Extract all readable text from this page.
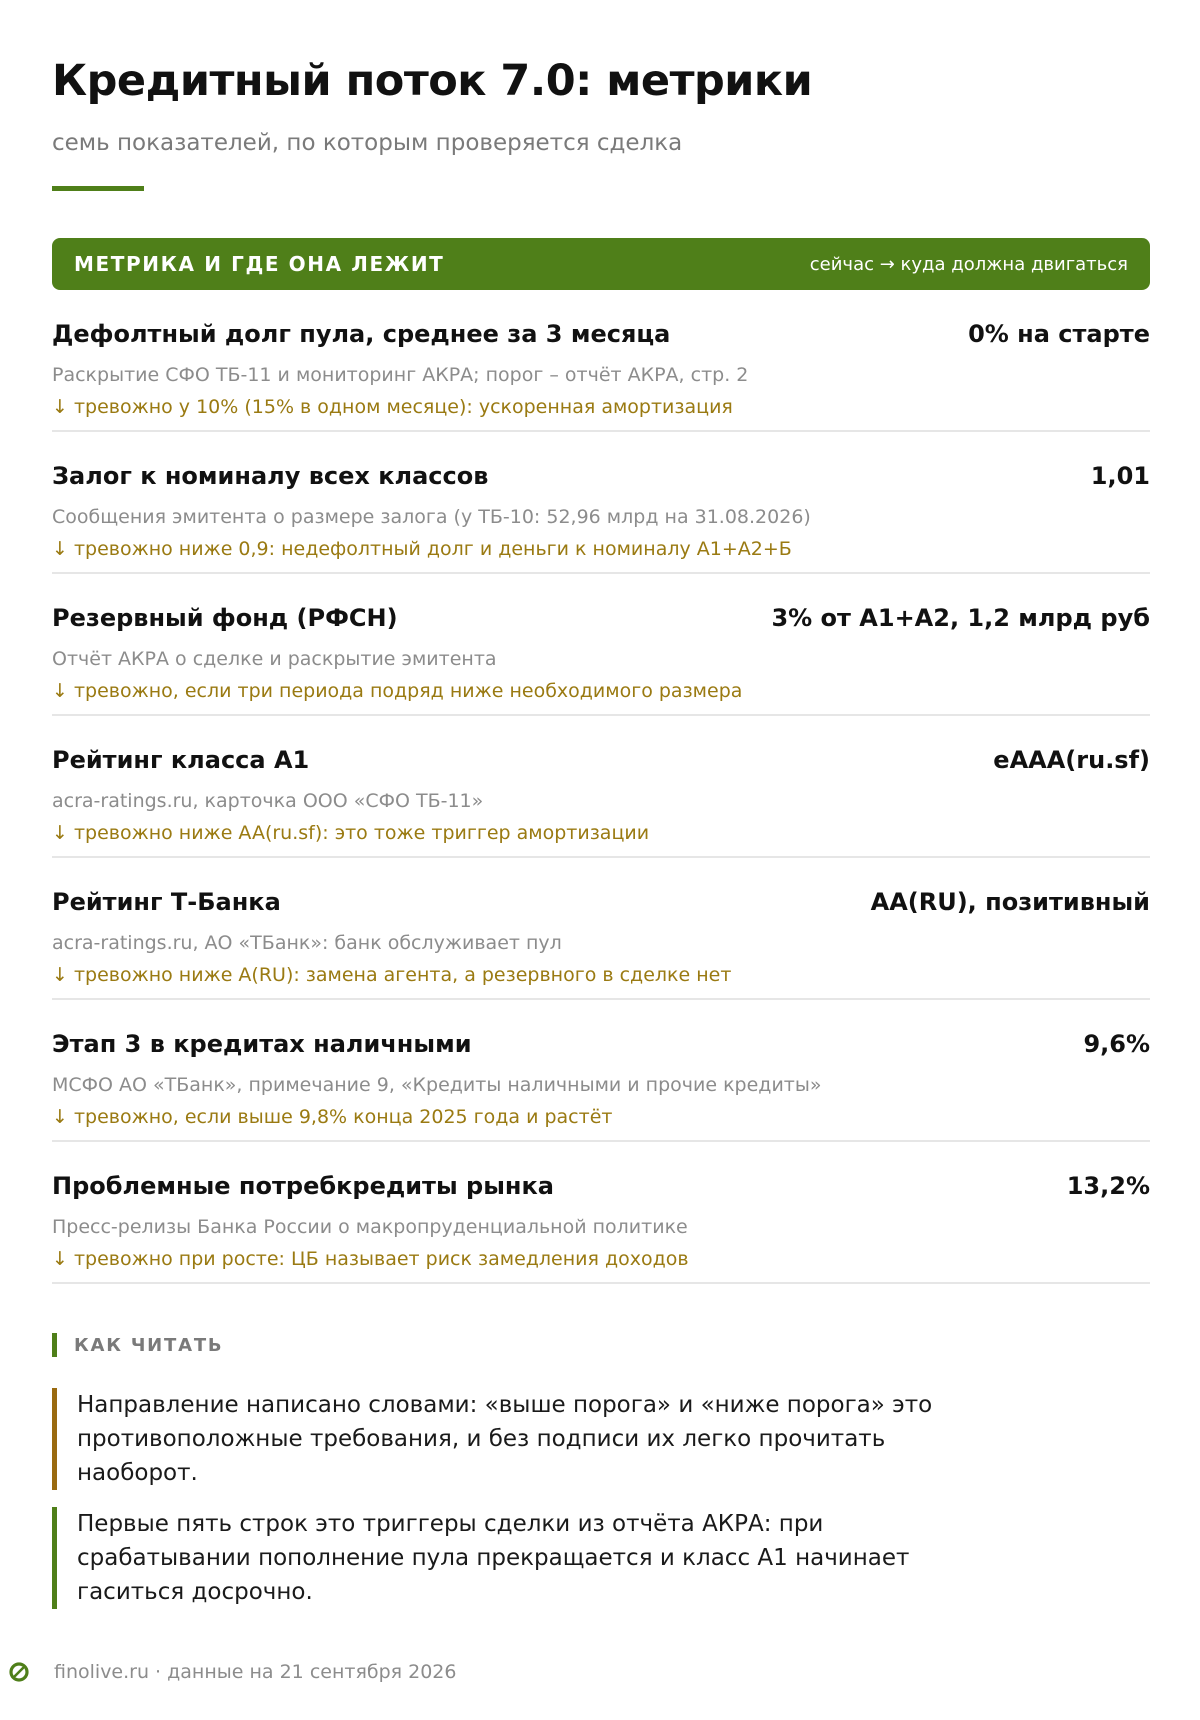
Кредитный поток 7.0: метрики
семь показателей, по которым проверяется сделка
МЕТРИКА И ГДЕ ОНА ЛЕЖИТ	сейчас → куда должна двигаться
Дефолтный долг пула, среднее за 3 месяца	0% на старте
Раскрытие СФО ТБ-11 и мониторинг АКРА; порог – отчёт АКРА, стр. 2
↓ тревожно у 10% (15% в одном месяце): ускоренная амортизация
Залог к номиналу всех классов	1,01
Сообщения эмитента о размере залога (у ТБ-10: 52,96 млрд на 31.08.2026)
↓ тревожно ниже 0,9: недефолтный долг и деньги к номиналу А1+А2+Б
Резервный фонд (РФСН)	3% от А1+А2, 1,2 млрд руб
Отчёт АКРА о сделке и раскрытие эмитента
↓ тревожно, если три периода подряд ниже необходимого размера
Рейтинг класса А1	eAAA(ru.sf)
acra-ratings.ru, карточка ООО «СФО ТБ-11»
↓ тревожно ниже AA(ru.sf): это тоже триггер амортизации
Рейтинг Т-Банка	AA(RU), позитивный
acra-ratings.ru, АО «ТБанк»: банк обслуживает пул
↓ тревожно ниже A(RU): замена агента, а резервного в сделке нет
Этап 3 в кредитах наличными	9,6%
МСФО АО «ТБанк», примечание 9, «Кредиты наличными и прочие кредиты»
↓ тревожно, если выше 9,8% конца 2025 года и растёт
Проблемные потребкредиты рынка	13,2%
Пресс-релизы Банка России о макропруденциальной политике
↓ тревожно при росте: ЦБ называет риск замедления доходов
КАК ЧИТАТЬ
Направление написано словами: «выше порога» и «ниже порога» это противоположные требования, и без подписи их легко прочитать наоборот.
Первые пять строк это триггеры сделки из отчёта АКРА: при срабатывании пополнение пула прекращается и класс А1 начинает гаситься досрочно.
finolive.ru · данные на 21 сентября 2026
